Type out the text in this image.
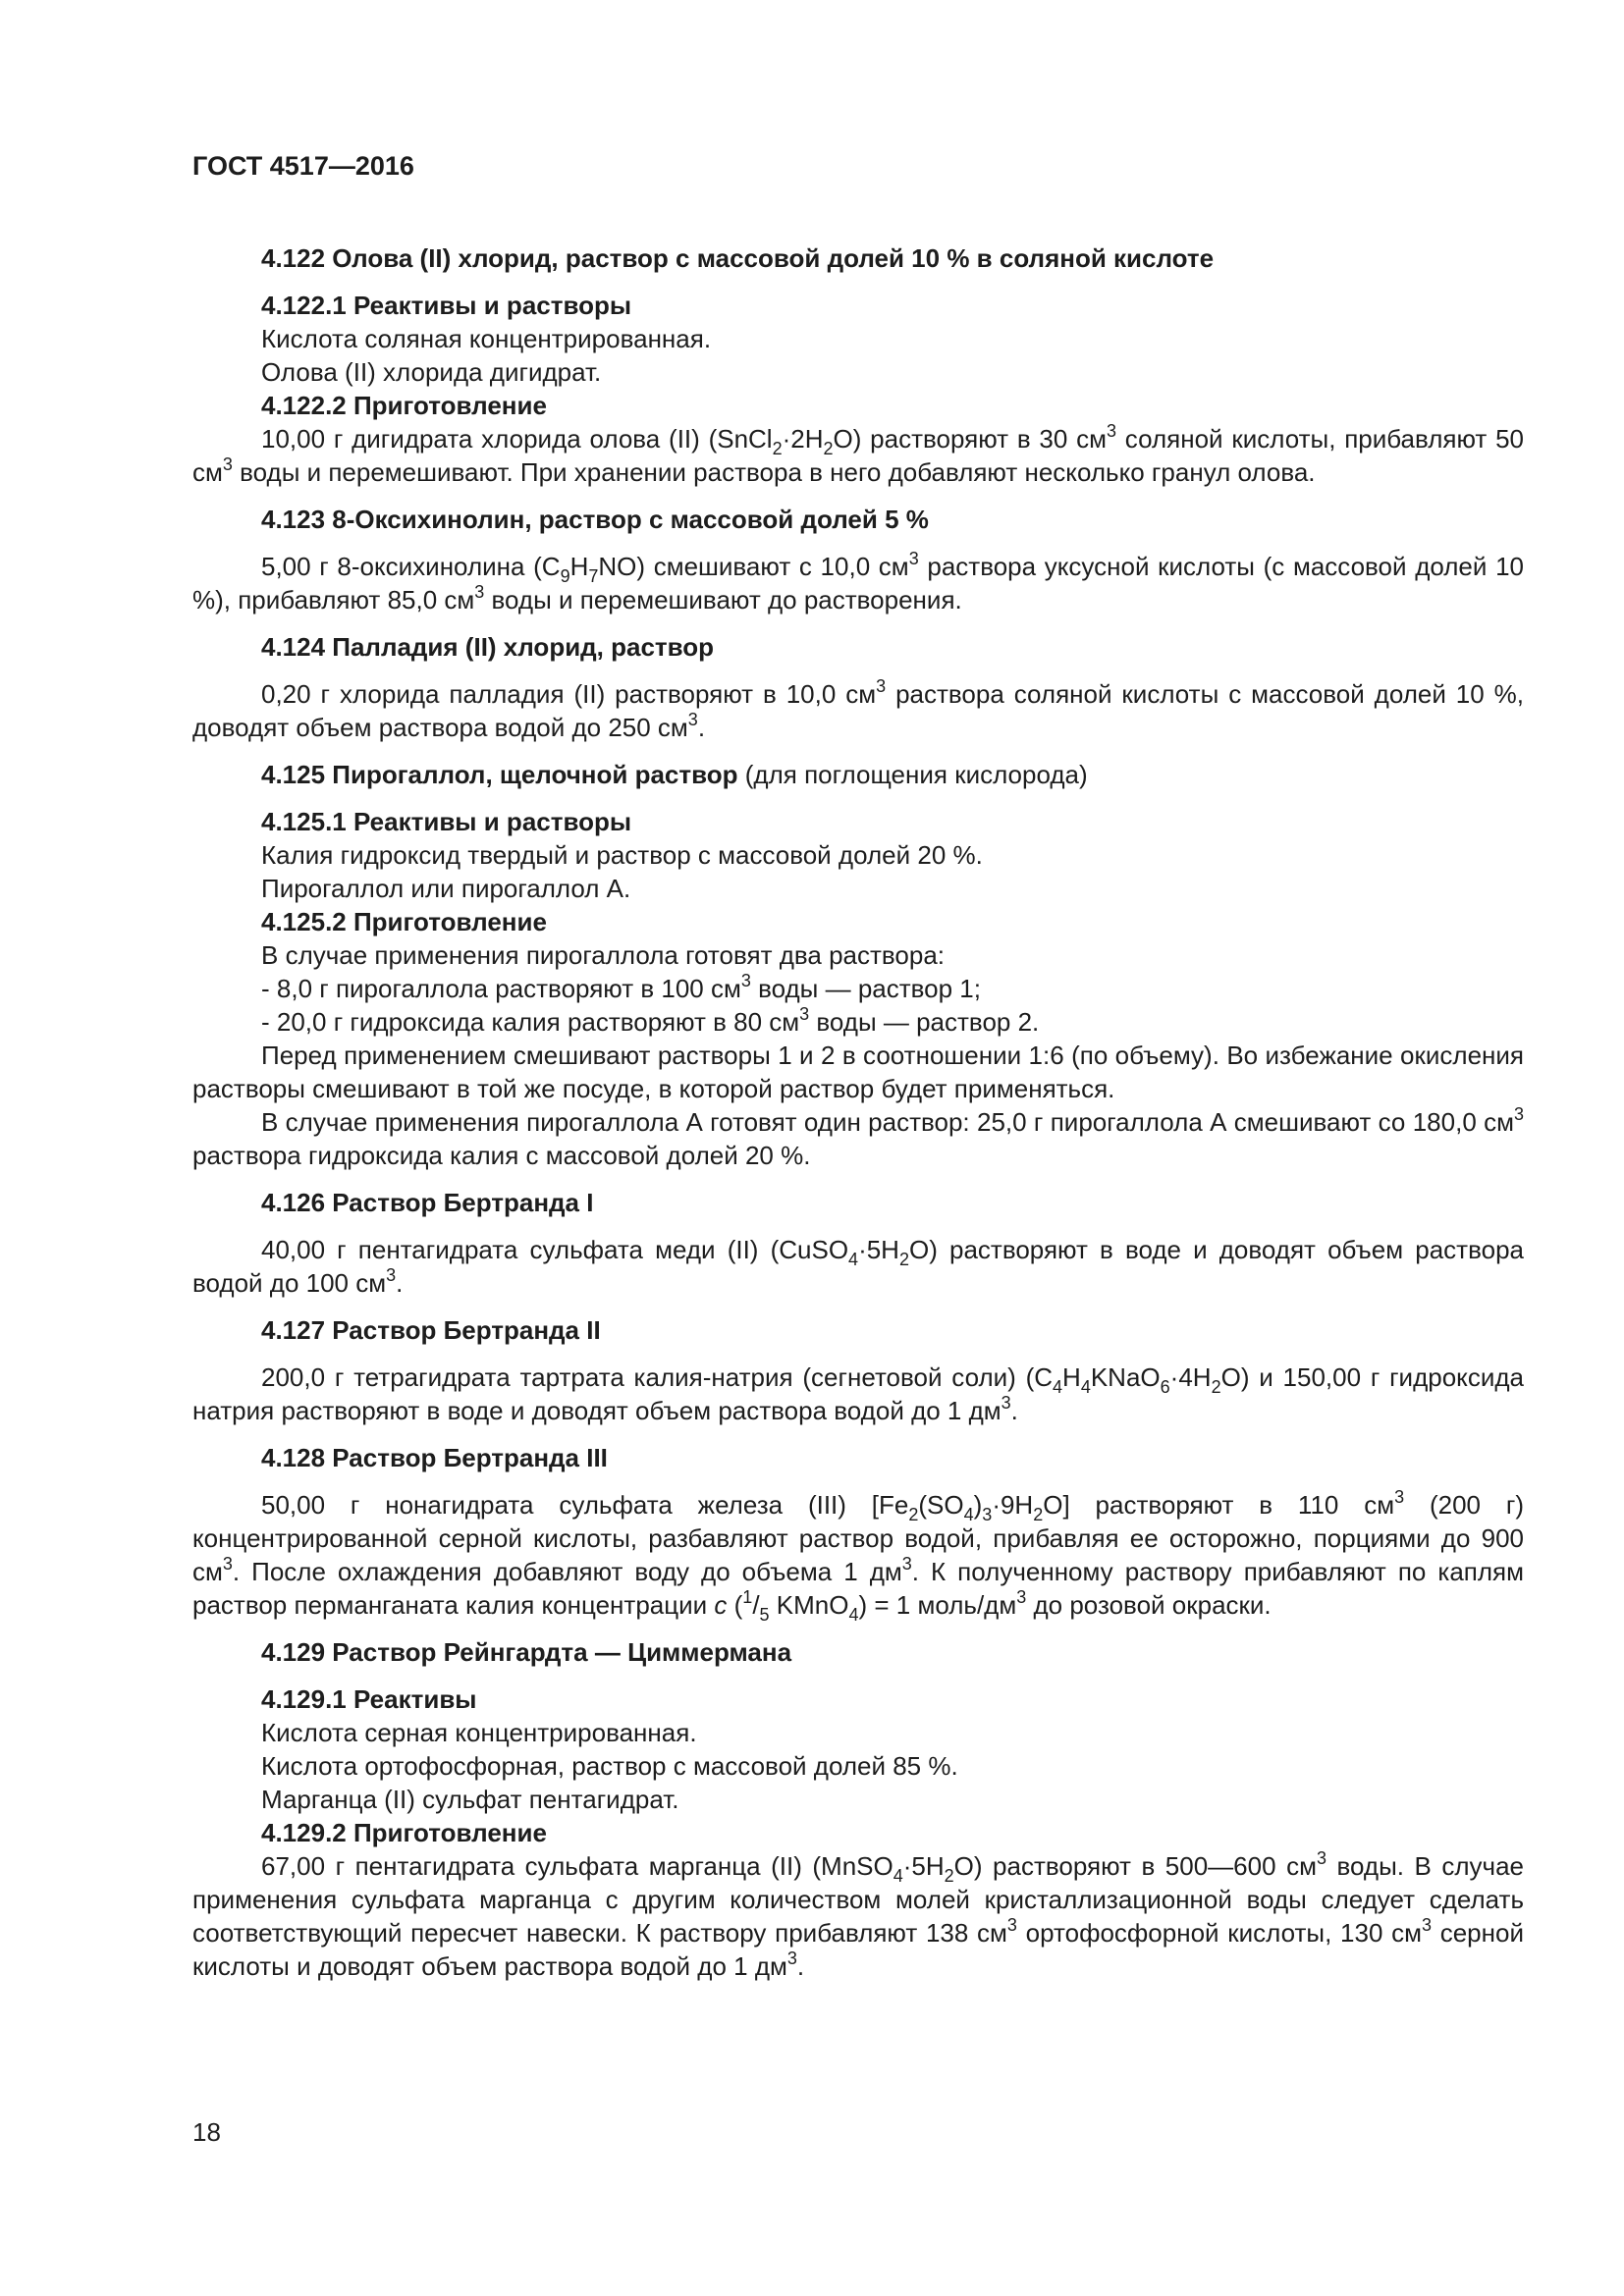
ГОСТ 4517—2016

4.122 Олова (II) хлорид, раствор с массовой долей 10 % в соляной кислоте

4.122.1 Реактивы и растворы

Кислота соляная концентрированная.

Олова (II) хлорида дигидрат.

4.122.2 Приготовление

10,00 г дигидрата хлорида олова (II) $(SnCl_2\cdot 2H_2O)$ растворяют в 30 $см^3$ соляной кислоты, прибавляют 50 $см^3$ воды и перемешивают. При хранении раствора в него добавляют несколько гранул олова.

4.123 8-Оксихинолин, раствор с массовой долей 5 %

5,00 г 8-оксихинолина $(C_9H_7NO)$ смешивают с 10,0 $см^3$ раствора уксусной кислоты (с массовой долей 10 %), прибавляют 85,0 $см^3$ воды и перемешивают до растворения.

4.124 Палладия (II) хлорид, раствор

0,20 г хлорида палладия (II) растворяют в 10,0 $см^3$ раствора соляной кислоты с массовой долей 10 %, доводят объем раствора водой до 250 $см^3$.

4.125 Пирогаллол, щелочной раствор (для поглощения кислорода)

4.125.1 Реактивы и растворы

Калия гидроксид твердый и раствор с массовой долей 20 %.

Пирогаллол или пирогаллол А.

4.125.2 Приготовление

В случае применения пирогаллола готовят два раствора:

- 8,0 г пирогаллола растворяют в 100 $см^3$ воды — раствор 1;

- 20,0 г гидроксида калия растворяют в 80 $см^3$ воды — раствор 2.

Перед применением смешивают растворы 1 и 2 в соотношении 1:6 (по объему). Во избежание окисления растворы смешивают в той же посуде, в которой раствор будет применяться.

В случае применения пирогаллола А готовят один раствор: 25,0 г пирогаллола А смешивают со 180,0 $см^3$ раствора гидроксида калия с массовой долей 20 %.

4.126 Раствор Бертранда I

40,00 г пентагидрата сульфата меди (II) $(CuSO_4\cdot 5H_2O)$ растворяют в воде и доводят объем раствора водой до 100 $см^3$.

4.127 Раствор Бертранда II

200,0 г тетрагидрата тартрата калия-натрия (сегнетовой соли) $(C_4H_4KNaO_6\cdot 4H_2O)$ и 150,00 г гидроксида натрия растворяют в воде и доводят объем раствора водой до 1 $дм^3$.

4.128 Раствор Бертранда III

50,00 г нонагидрата сульфата железа (III) $[Fe_2(SO_4)_3\cdot 9H_2O]$ растворяют в 110 $см^3$ (200 г) концентрированной серной кислоты, разбавляют раствор водой, прибавляя ее осторожно, порциями до 900 $см^3$. После охлаждения добавляют воду до объема 1 $дм^3$. К полученному раствору прибавляют по каплям раствор перманганата калия концентрации c ($^1/_5$ KMnO$_4$) = 1 моль/$дм^3$ до розовой окраски.

4.129 Раствор Рейнгардта — Циммермана

4.129.1 Реактивы

Кислота серная концентрированная.

Кислота ортофосфорная, раствор с массовой долей 85 %.

Марганца (II) сульфат пентагидрат.

4.129.2 Приготовление

67,00 г пентагидрата сульфата марганца (II) $(MnSO_4\cdot 5H_2O)$ растворяют в 500—600 $см^3$ воды. В случае применения сульфата марганца с другим количеством молей кристаллизационной воды следует сделать соответствующий пересчет навески. К раствору прибавляют 138 $см^3$ ортофосфорной кислоты, 130 $см^3$ серной кислоты и доводят объем раствора водой до 1 $дм^3$.

18
